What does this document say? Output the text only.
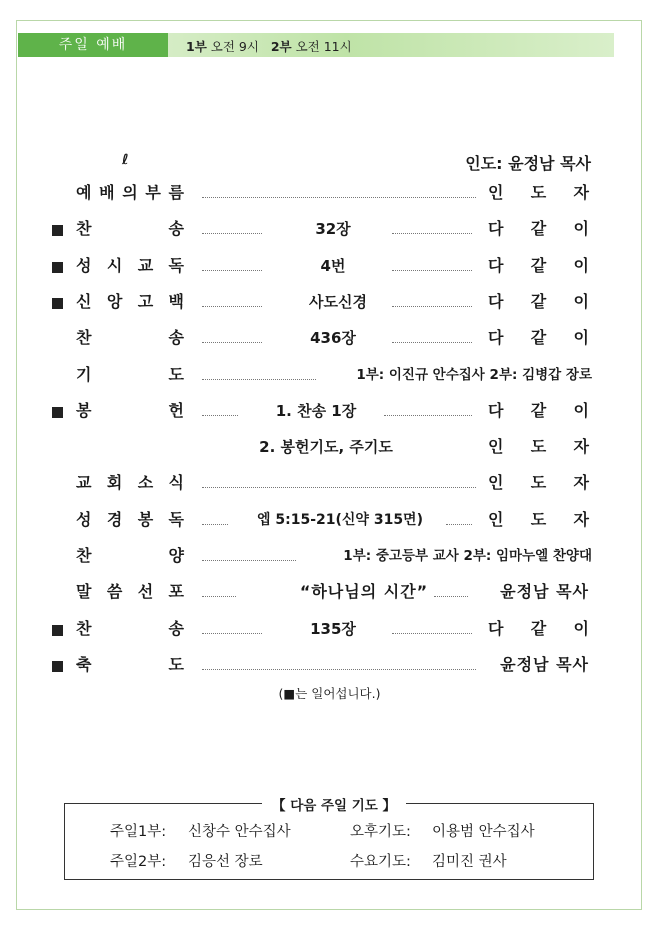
주일 예배	1부 오전 9시 2부 오전 11시
ℓ	인도: 윤정남 목사
예 배 의 부 름	인 도 자
찬	송	32장	다 같 이
성 시 교 독	4번	다 같 이
신 앙 고 백	사도신경	다 같 이
찬	송	436장	다 같 이
기	도	1부: 이진규 안수집사 2부: 김병갑 장로
봉	헌	1. 찬송 1장	다 같 이
2. 봉헌기도, 주기도	인 도 자
교 회 소 식	인 도 자
성 경 봉 독	엡 5:15-21(신약 315면)	인 도 자
찬	양	1부: 중고등부 교사 2부: 임마누엘 찬양대
말 씀 선 포	“하나님의 시간”	윤정남 목사
찬	송	135장	다 같 이
축	도	윤정남 목사
(■는 일어섭니다.)
【 다음 주일 기도 】
주일1부: 신창수 안수집사	오후기도: 이용범 안수집사
주일2부: 김응선 장로	수요기도: 김미진 권사
